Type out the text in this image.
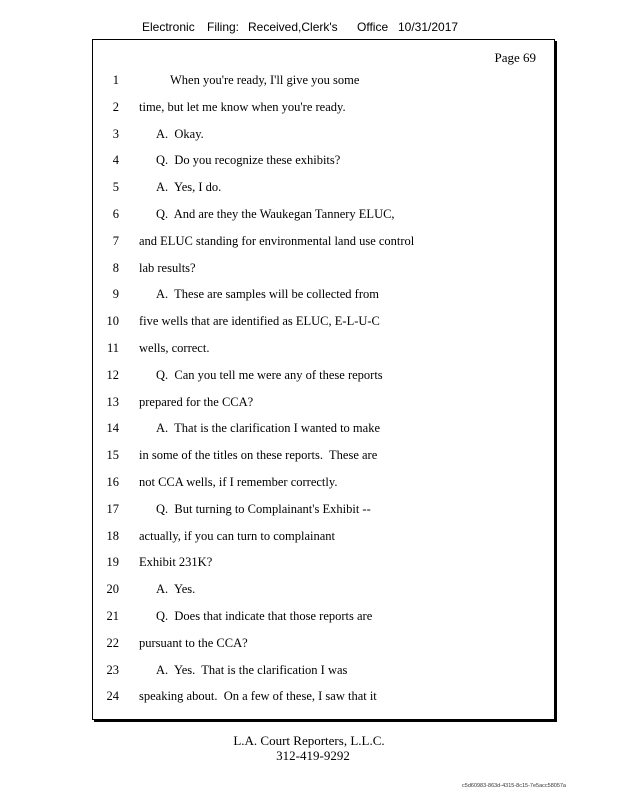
Electronic Filing: Received,Clerk's Office 10/31/2017
Page 69
1	When you're ready, I'll give you some
2 time, but let me know when you're ready.
3	A.  Okay.
4	Q.  Do you recognize these exhibits?
5	A.  Yes, I do.
6	Q.  And are they the Waukegan Tannery ELUC,
7 and ELUC standing for environmental land use control
8 lab results?
9	A.  These are samples will be collected from
10 five wells that are identified as ELUC, E-L-U-C
11 wells, correct.
12	Q.  Can you tell me were any of these reports
13 prepared for the CCA?
14	A.  That is the clarification I wanted to make
15 in some of the titles on these reports.  These are
16 not CCA wells, if I remember correctly.
17	Q.  But turning to Complainant's Exhibit --
18 actually, if you can turn to complainant
19 Exhibit 231K?
20	A.  Yes.
21	Q.  Does that indicate that those reports are
22 pursuant to the CCA?
23	A.  Yes.  That is the clarification I was
24 speaking about.  On a few of these, I saw that it
L.A. Court Reporters, L.L.C.
312-419-9292
c5d60983-863d-4315-8c15-7e5acc58057a
